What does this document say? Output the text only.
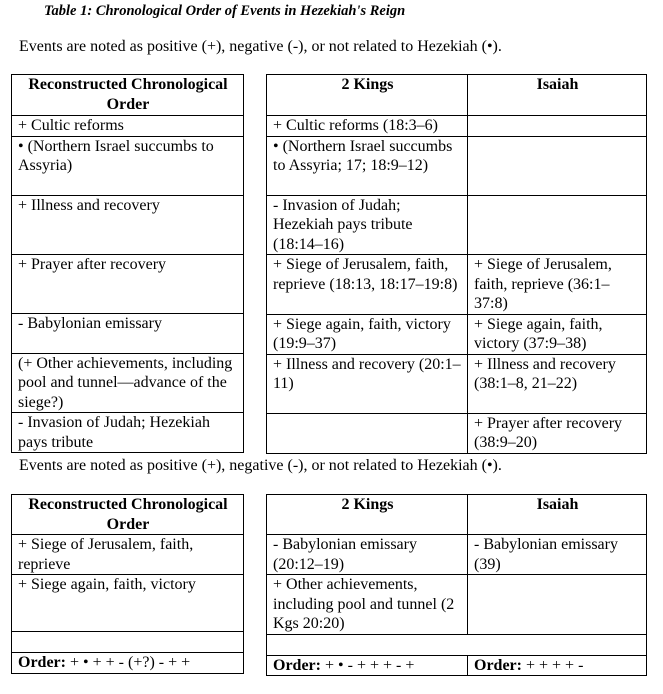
Table 1: Chronological Order of Events in Hezekiah's Reign
Events are noted as positive (+), negative (-), or not related to Hezekiah (•).
Reconstructed Chronological Order
+ Cultic reforms
• (Northern Israel succumbs to Assyria)
+ Illness and recovery
+ Prayer after recovery
- Babylonian emissary
(+ Other achievements, including pool and tunnel—advance of the siege?)
- Invasion of Judah; Hezekiah pays tribute
2 Kings	Isaiah
+ Cultic reforms (18:3–6)	
• (Northern Israel succumbs to Assyria; 17; 18:9–12)	
- Invasion of Judah; Hezekiah pays tribute (18:14–16)	
+ Siege of Jerusalem, faith, reprieve (18:13, 18:17–19:8)	+ Siege of Jerusalem, faith, reprieve (36:1–37:8)
+ Siege again, faith, victory (19:9–37)	+ Siege again, faith, victory (37:9–38)
+ Illness and recovery (20:1–11)	+ Illness and recovery (38:1–8, 21–22)
	+ Prayer after recovery (38:9–20)
Events are noted as positive (+), negative (-), or not related to Hezekiah (•).
Reconstructed Chronological Order
+ Siege of Jerusalem, faith, reprieve
+ Siege again, faith, victory

Order: + • + + - (+?) - + +
2 Kings	Isaiah
- Babylonian emissary (20:12–19)	- Babylonian emissary (39)
+ Other achievements, including pool and tunnel (2 Kgs 20:20)	

Order: + • - + + + - +	Order: + + + + -
